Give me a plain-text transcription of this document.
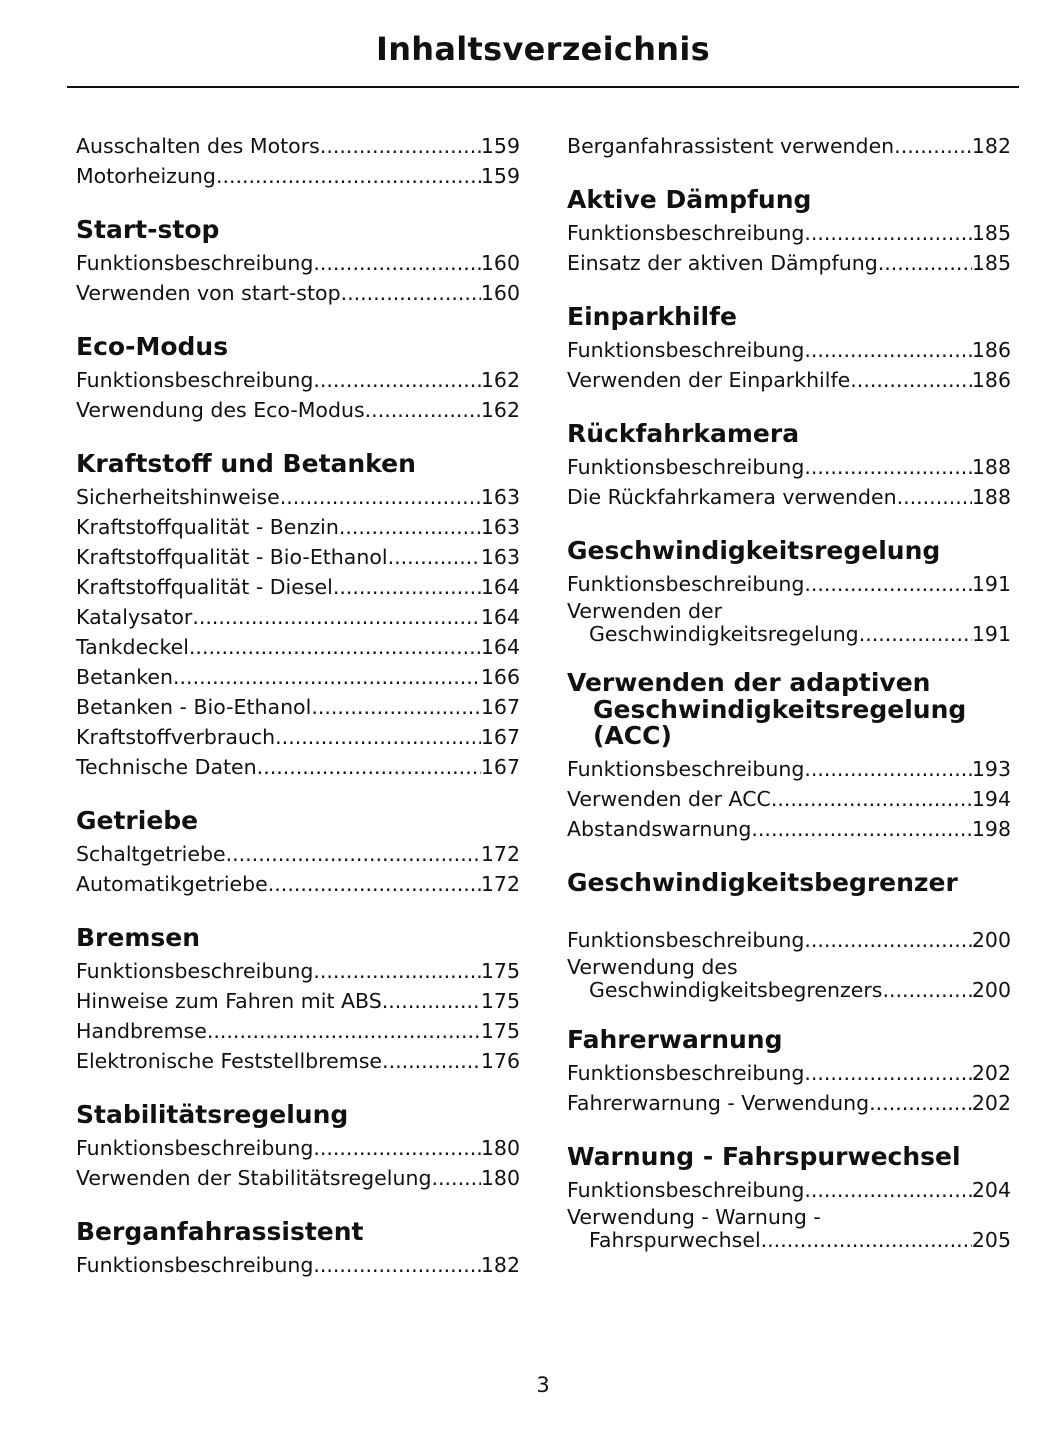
Inhaltsverzeichnis
Ausschalten des Motors .....	159
Motorheizung .....	159
Start-stop
Funktionsbeschreibung .....	160
Verwenden von start-stop .....	160
Eco-Modus
Funktionsbeschreibung .....	162
Verwendung des Eco-Modus .....	162
Kraftstoff und Betanken
Sicherheitshinweise .....	163
Kraftstoffqualität - Benzin .....	163
Kraftstoffqualität - Bio-Ethanol .....	163
Kraftstoffqualität - Diesel .....	164
Katalysator .....	164
Tankdeckel .....	164
Betanken .....	166
Betanken - Bio-Ethanol .....	167
Kraftstoffverbrauch .....	167
Technische Daten .....	167
Getriebe
Schaltgetriebe .....	172
Automatikgetriebe .....	172
Bremsen
Funktionsbeschreibung .....	175
Hinweise zum Fahren mit ABS .....	175
Handbremse .....	175
Elektronische Feststellbremse .....	176
Stabilitätsregelung
Funktionsbeschreibung .....	180
Verwenden der Stabilitätsregelung ..... 180
Berganfahrassistent
Funktionsbeschreibung .....	182
Berganfahrassistent verwenden .....	182
Aktive Dämpfung
Funktionsbeschreibung .....	185
Einsatz der aktiven Dämpfung .....	185
Einparkhilfe
Funktionsbeschreibung .....	186
Verwenden der Einparkhilfe .....	186
Rückfahrkamera
Funktionsbeschreibung .....	188
Die Rückfahrkamera verwenden .....	188
Geschwindigkeitsregelung
Funktionsbeschreibung .....	191
Verwenden der
Geschwindigkeitsregelung .....	191
Verwenden der adaptiven
Geschwindigkeitsregelung
(ACC)
Funktionsbeschreibung .....	193
Verwenden der ACC .....	194
Abstandswarnung .....	198
Geschwindigkeitsbegrenzer
Funktionsbeschreibung .....	200
Verwendung des
Geschwindigkeitsbegrenzers .....	200
Fahrerwarnung
Funktionsbeschreibung .....	202
Fahrerwarnung - Verwendung .....	202
Warnung - Fahrspurwechsel
Funktionsbeschreibung .....	204
Verwendung - Warnung -
Fahrspurwechsel .....	205
3
